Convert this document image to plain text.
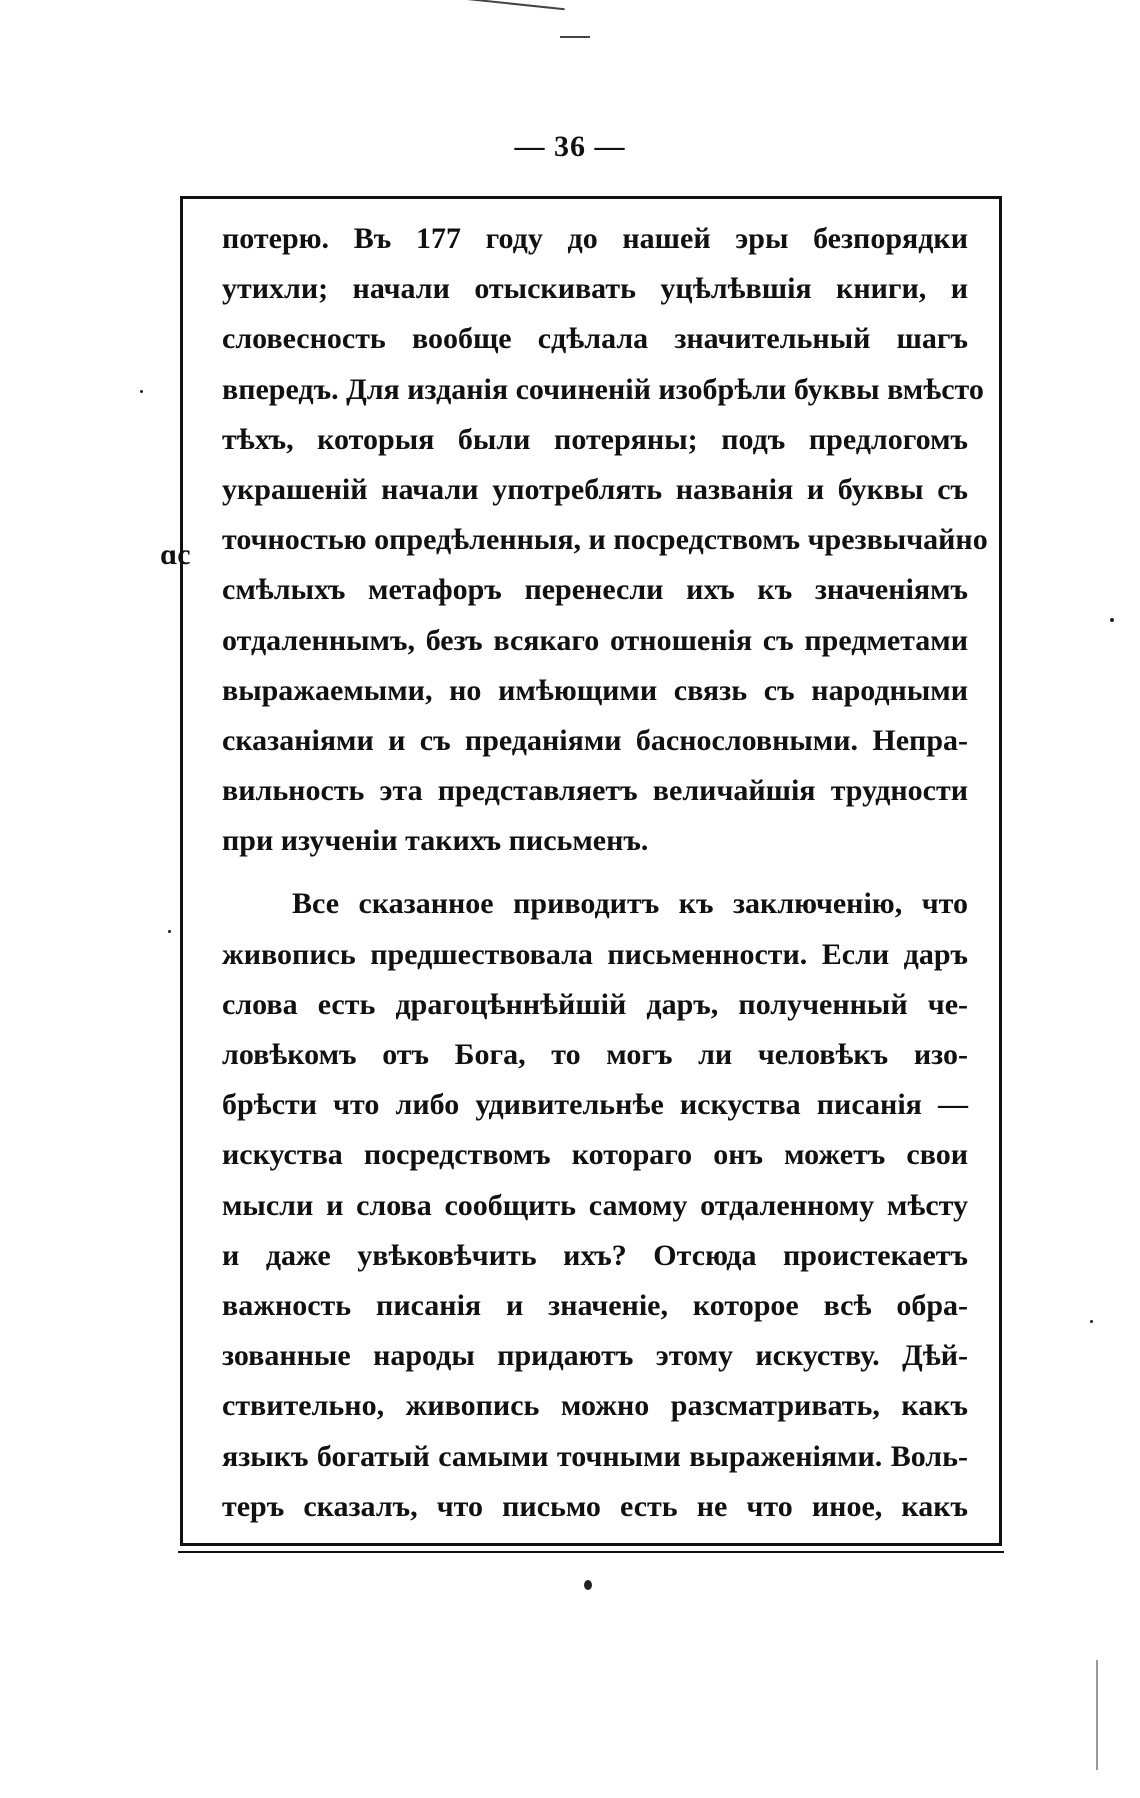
— 36 —
ɑс
потерю. Въ 177 году до нашей эры безпорядки
утихли; начали отыскивать уцѣлѣвшія книги, и
словесность вообще сдѣлала значительный шагъ
впередъ. Для изданія сочиненій изобрѣли буквы вмѣсто
тѣхъ, которыя были потеряны; подъ предлогомъ
украшеній начали употреблять названія и буквы съ
точностью опредѣленныя, и посредствомъ чрезвычайно
смѣлыхъ метафоръ перенесли ихъ къ значеніямъ
отдаленнымъ, безъ всякаго отношенія съ предметами
выражаемыми, но имѣющими связь съ народными
сказаніями и съ преданіями баснословными. Непра-
вильность эта представляетъ величайшія трудности
при изученіи такихъ письменъ.
Все сказанное приводитъ къ заключенію, что
живопись предшествовала письменности. Если даръ
слова есть драгоцѣннѣйшій даръ, полученный че-
ловѣкомъ отъ Бога, то могъ ли человѣкъ изо-
брѣсти что либо удивительнѣе искуства писанія —
искуства посредствомъ котораго онъ можетъ свои
мысли и слова сообщить самому отдаленному мѣсту
и даже увѣковѣчить ихъ? Отсюда проистекаетъ
важность писанія и значеніе, которое всѣ обра-
зованные народы придаютъ этому искуству. Дѣй-
ствительно, живопись можно разсматривать, какъ
языкъ богатый самыми точными выраженіями. Воль-
теръ сказалъ, что письмо есть не что иное, какъ
